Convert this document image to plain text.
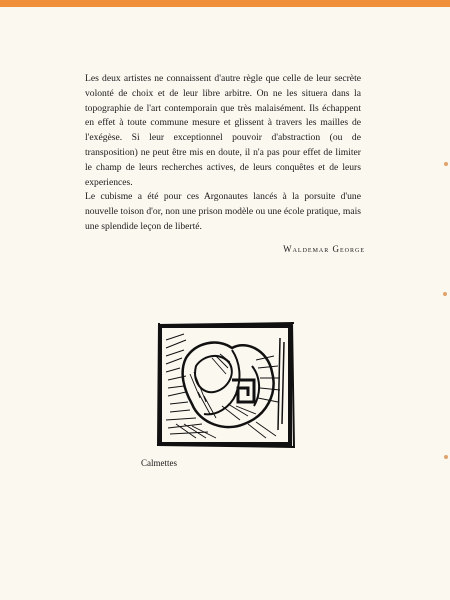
Les deux artistes ne connaissent d'autre règle que celle de leur secrète volonté de choix et de leur libre arbitre. On ne les situera dans la topographie de l'art contemporain que très malaisément. Ils échappent en effet à toute commune mesure et glissent à travers les mailles de l'exégèse. Si leur exceptionnel pouvoir d'abstraction (ou de transposition) ne peut être mis en doute, il n'a pas pour effet de limiter le champ de leurs recherches actives, de leurs conquêtes et de leurs experiences.

Le cubisme a été pour ces Argonautes lancés à la porsuite d'une nouvelle toison d'or, non une prison modèle ou une école pratique, mais une splendide leçon de liberté.

Waldemar George
Calmettes
